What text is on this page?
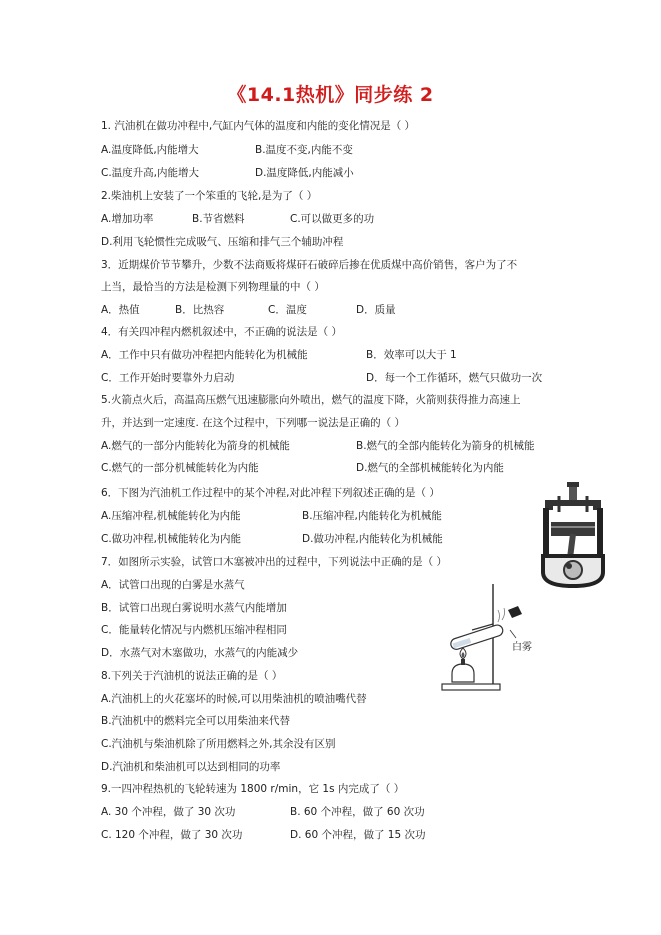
《14.1热机》同步练 2
1. 汽油机在做功冲程中,气缸内气体的温度和内能的变化情况是（ ）
A.温度降低,内能增大	B.温度不变,内能不变
C.温度升高,内能增大	D.温度降低,内能减小
2.柴油机上安装了一个笨重的飞轮,是为了（ ）
A.增加功率	B.节省燃料	C.可以做更多的功
D.利用飞轮惯性完成吸气、压缩和排气三个辅助冲程
3．近期煤价节节攀升，少数不法商贩将煤矸石破碎后掺在优质煤中高价销售，客户为了不
上当，最恰当的方法是检测下列物理量的中（ ）
A．热值	B．比热容	C．温度	D．质量
4．有关四冲程内燃机叙述中，不正确的说法是（ ）
A．工作中只有做功冲程把内能转化为机械能	B．效率可以大于 1
C．工作开始时要靠外力启动	D．每一个工作循环，燃气只做功一次
5.火箭点火后，高温高压燃气迅速膨胀向外喷出，燃气的温度下降，火箭则获得推力高速上
升，并达到一定速度. 在这个过程中，下列哪一说法是正确的（ ）
A.燃气的一部分内能转化为箭身的机械能	B.燃气的全部内能转化为箭身的机械能
C.燃气的一部分机械能转化为内能	D.燃气的全部机械能转化为内能
6．下图为汽油机工作过程中的某个冲程,对此冲程下列叙述正确的是（ ）
A.压缩冲程,机械能转化为内能	B.压缩冲程,内能转化为机械能
C.做功冲程,机械能转化为内能	D.做功冲程,内能转化为机械能
7．如图所示实验，试管口木塞被冲出的过程中，下列说法中正确的是（ ）
A．试管口出现的白雾是水蒸气
B．试管口出现白雾说明水蒸气内能增加
C．能量转化情况与内燃机压缩冲程相同
D．水蒸气对木塞做功，水蒸气的内能减少	白雾
8.下列关于汽油机的说法正确的是（ ）
A.汽油机上的火花塞坏的时候,可以用柴油机的喷油嘴代替
B.汽油机中的燃料完全可以用柴油来代替
C.汽油机与柴油机除了所用燃料之外,其余没有区别
D.汽油机和柴油机可以达到相同的功率
9.一四冲程热机的飞轮转速为 1800 r/min，它 1s 内完成了（ ）
A. 30 个冲程，做了 30 次功	B. 60 个冲程，做了 60 次功
C. 120 个冲程，做了 30 次功	D. 60 个冲程，做了 15 次功
